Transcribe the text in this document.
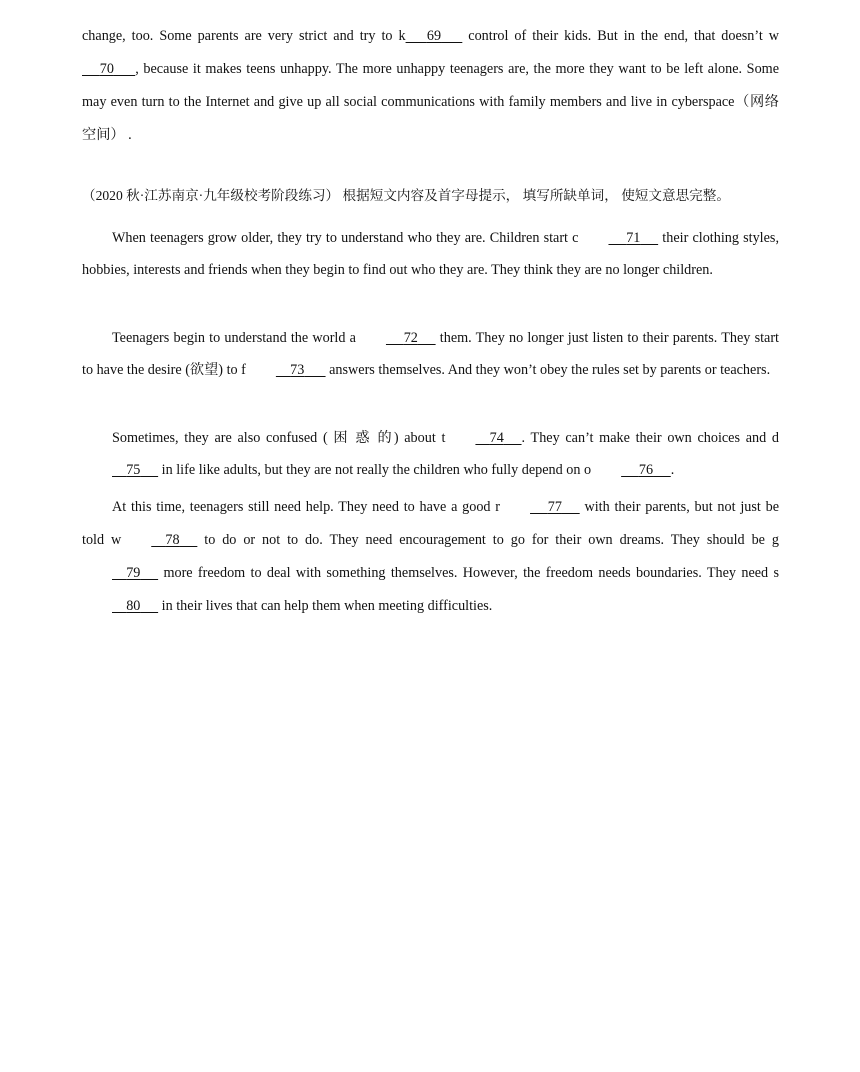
change, too. Some parents are very strict and try to k 69       control of their kids. But in the end, that doesn’t w     70 , because it makes teens unhappy. The more unhappy teenagers are, the more they want to be left alone. Some may even turn to the Internet and give up all social communications with family members and live in cyberspace（网络空间） .

（2020 秋·江苏南京·九年级校考阶段练习） 根据短文内容及首字母提示， 填写所缺单词， 使短文意思完整。

When teenagers grow older, they try to understand who they are. Children start c	71      their clothing styles, hobbies, interests and friends when they begin to find out who they are. They think they are no longer children.

Teenagers begin to understand the world a	72      them. They no longer just listen to their parents. They start to have the desire (欲望) to f	73       answers themselves. And they won’t obey the rules set by parents or teachers.

Sometimes, they are also confused ( 困 惑 的) about t	74 . They can’t make their own choices and d    75      in life like adults, but they are not really the children who fully depend on o	76 .

At this time, teenagers still need help. They need to have a good r	77      with their parents, but not just be told w	78      to do or not to do. They need encouragement to go for their own dreams. They should be g    79      more freedom to deal with something themselves. However, the freedom needs boundaries. They need s    80      in their lives that can help them when meeting difficulties.
